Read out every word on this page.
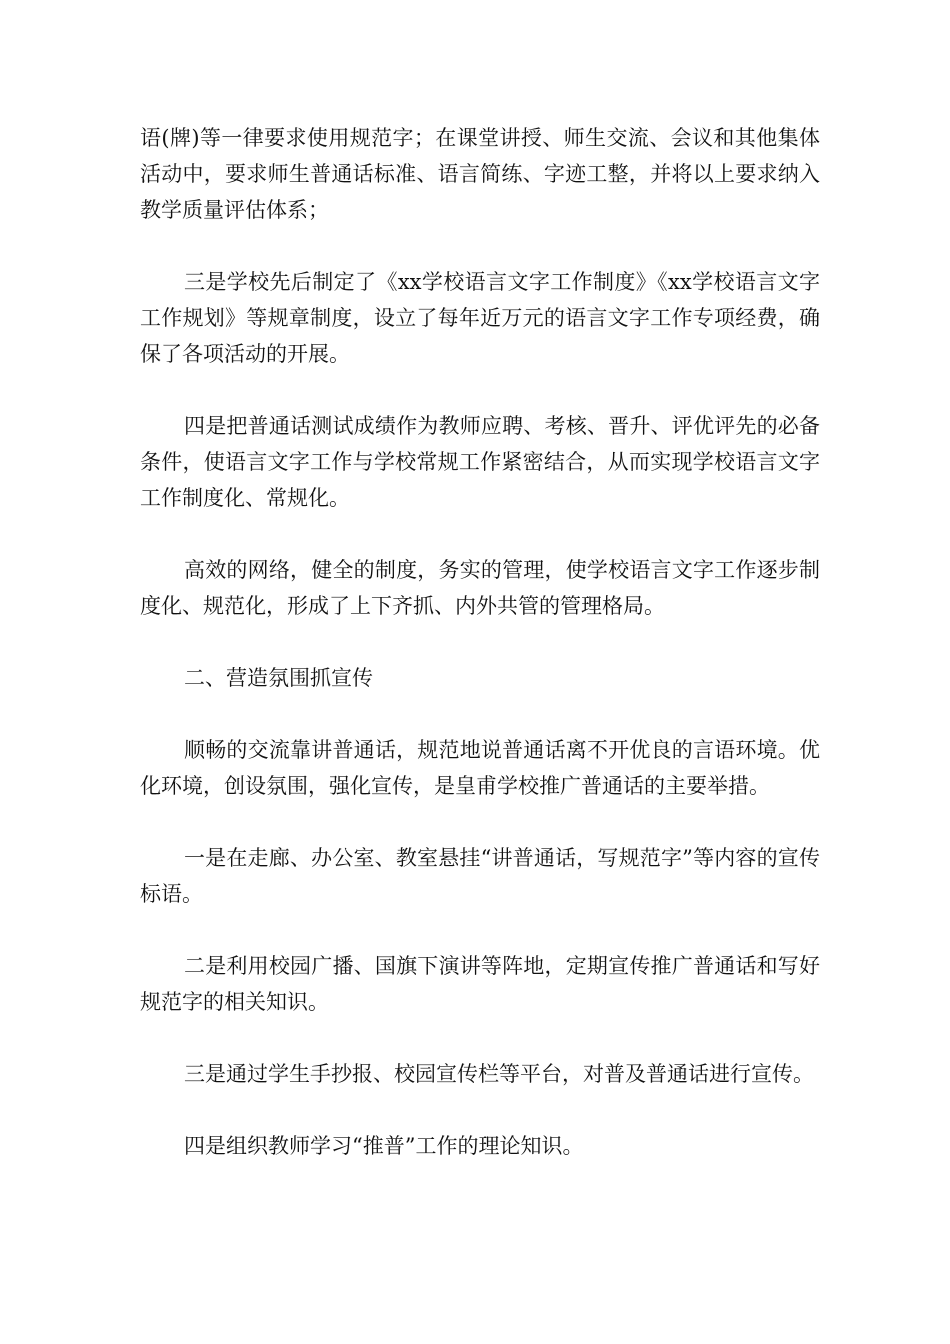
语(牌)等一律要求使用规范字；在课堂讲授、师生交流、会议和其他集体活动中，要求师生普通话标准、语言简练、字迹工整，并将以上要求纳入教学质量评估体系；

三是学校先后制定了《xx学校语言文字工作制度》《xx学校语言文字工作规划》等规章制度，设立了每年近万元的语言文字工作专项经费，确保了各项活动的开展。

四是把普通话测试成绩作为教师应聘、考核、晋升、评优评先的必备条件，使语言文字工作与学校常规工作紧密结合，从而实现学校语言文字工作制度化、常规化。

高效的网络，健全的制度，务实的管理，使学校语言文字工作逐步制度化、规范化，形成了上下齐抓、内外共管的管理格局。

二、营造氛围抓宣传

顺畅的交流靠讲普通话，规范地说普通话离不开优良的言语环境。优化环境，创设氛围，强化宣传，是皇甫学校推广普通话的主要举措。

一是在走廊、办公室、教室悬挂“讲普通话，写规范字”等内容的宣传标语。

二是利用校园广播、国旗下演讲等阵地，定期宣传推广普通话和写好规范字的相关知识。

三是通过学生手抄报、校园宣传栏等平台，对普及普通话进行宣传。

四是组织教师学习“推普”工作的理论知识。
